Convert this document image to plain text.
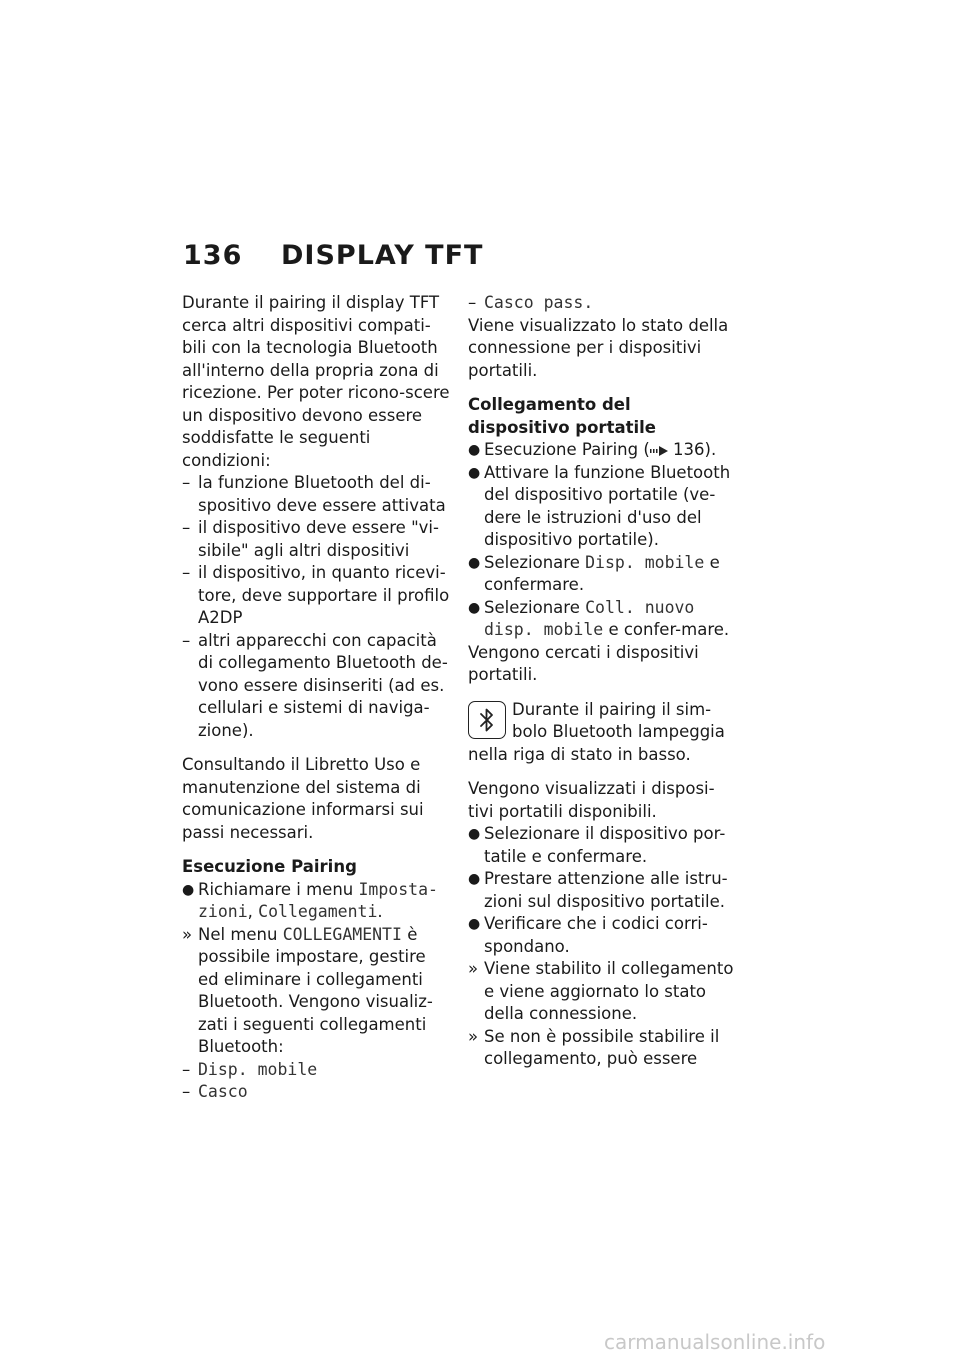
136 DISPLAY TFT

Durante il pairing il display TFT cerca altri dispositivi compati-bili con la tecnologia Bluetooth all'interno della propria zona di ricezione. Per poter ricono-scere un dispositivo devono essere soddisfatte le seguenti condizioni:

– la funzione Bluetooth del di-spositivo deve essere attivata
– il dispositivo deve essere "vi-sibile" agli altri dispositivi
– il dispositivo, in quanto ricevi-tore, deve supportare il profilo A2DP
– altri apparecchi con capacità di collegamento Bluetooth de-vono essere disinseriti (ad es. cellulari e sistemi di naviga-zione).

Consultando il Libretto Uso e manutenzione del sistema di comunicazione informarsi sui passi necessari.

Esecuzione Pairing

● Richiamare i menu Imposta-zioni, Collegamenti.
» Nel menu COLLEGAMENTI è possibile impostare, gestire ed eliminare i collegamenti Bluetooth. Vengono visualiz-zati i seguenti collegamenti Bluetooth:
– Disp. mobile
– Casco
– Casco pass.

Viene visualizzato lo stato della connessione per i dispositivi portatili.

Collegamento del dispositivo portatile

● Esecuzione Pairing ( 136).
● Attivare la funzione Bluetooth del dispositivo portatile (ve-dere le istruzioni d'uso del dispositivo portatile).
● Selezionare Disp. mobile e confermare.
● Selezionare Coll. nuovo disp. mobile e confer-mare.

Vengono cercati i dispositivi portatili.

Durante il pairing il sim-bolo Bluetooth lampeggia nella riga di stato in basso.

Vengono visualizzati i disposi-tivi portatili disponibili.

● Selezionare il dispositivo por-tatile e confermare.
● Prestare attenzione alle istru-zioni sul dispositivo portatile.
● Verificare che i codici corri-spondano.
» Viene stabilito il collegamento e viene aggiornato lo stato della connessione.
» Se non è possibile stabilire il collegamento, può essere
carmanualsonline.info
